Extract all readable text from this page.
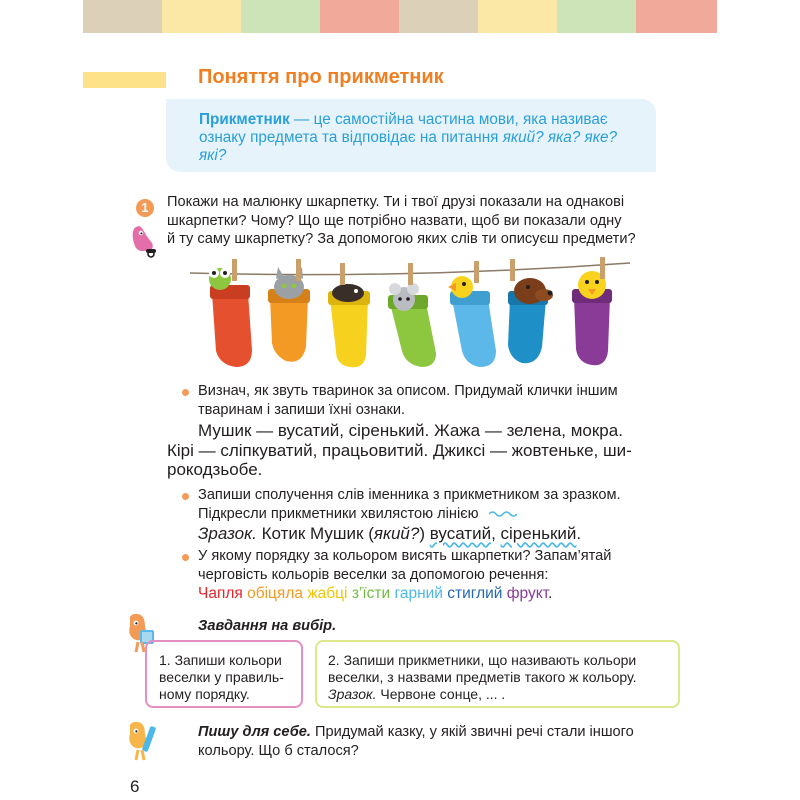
Поняття про прикметник
Прикметник — це самостійна частина мови, яка називає
ознаку предмета та відповідає на питання який? яка? яке?
які?
1	Покажи на малюнку шкарпетку. Ти і твої друзі показали на однакові
шкарпетки? Чому? Що ще потрібно назвати, щоб ви показали одну
й ту саму шкарпетку? За допомогою яких слів ти описуєш предмети?
Визнач, як звуть тваринок за описом. Придумай клички іншим
тваринам і запиши їхні ознаки.
Мушик — вусатий, сіренький. Жажа — зелена, мокра.
Кірі — сліпкуватий, працьовитий. Джиксі — жовтеньке, ши-
рокодзьобе.
Запиши сполучення слів іменника з прикметником за зразком.
Підкресли прикметники хвилястою лінією
Зразок. Котик Мушик (який?) вусатий, сіренький.
У якому порядку за кольором висять шкарпетки? Запам’ятай
черговість кольорів веселки за допомогою речення:
Чапля обіцяла жабці з’їсти гарний стиглий фрукт.
Завдання на вибір.
1. Запиши кольори
веселки у правиль-
ному порядку.
2. Запиши прикметники, що називають кольори
веселки, з назвами предметів такого ж кольору.
Зразок. Червоне сонце, ... .
Пишу для себе. Придумай казку, у якій звичні речі стали іншого
кольору. Що б сталося?
6
